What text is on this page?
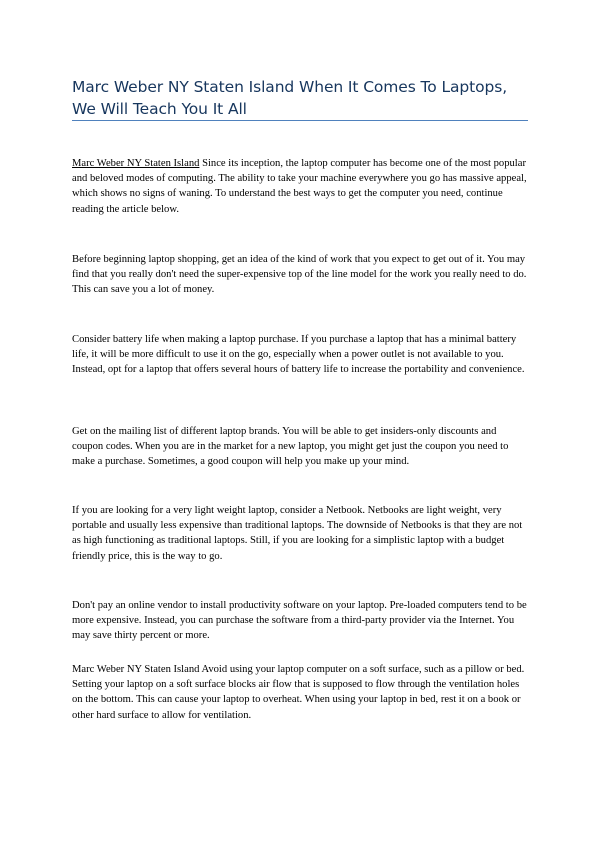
Marc Weber NY Staten Island When It Comes To Laptops, We Will Teach You It All

Marc Weber NY Staten Island Since its inception, the laptop computer has become one of the most popular and beloved modes of computing. The ability to take your machine everywhere you go has massive appeal, which shows no signs of waning. To understand the best ways to get the computer you need, continue reading the article below.

Before beginning laptop shopping, get an idea of the kind of work that you expect to get out of it. You may find that you really don't need the super-expensive top of the line model for the work you really need to do. This can save you a lot of money.

Consider battery life when making a laptop purchase. If you purchase a laptop that has a minimal battery life, it will be more difficult to use it on the go, especially when a power outlet is not available to you. Instead, opt for a laptop that offers several hours of battery life to increase the portability and convenience.

Get on the mailing list of different laptop brands. You will be able to get insiders-only discounts and coupon codes. When you are in the market for a new laptop, you might get just the coupon you need to make a purchase. Sometimes, a good coupon will help you make up your mind.

If you are looking for a very light weight laptop, consider a Netbook. Netbooks are light weight, very portable and usually less expensive than traditional laptops. The downside of Netbooks is that they are not as high functioning as traditional laptops. Still, if you are looking for a simplistic laptop with a budget friendly price, this is the way to go.

Don't pay an online vendor to install productivity software on your laptop. Pre-loaded computers tend to be more expensive. Instead, you can purchase the software from a third-party provider via the Internet. You may save thirty percent or more.

Marc Weber NY Staten Island Avoid using your laptop computer on a soft surface, such as a pillow or bed. Setting your laptop on a soft surface blocks air flow that is supposed to flow through the ventilation holes on the bottom. This can cause your laptop to overheat. When using your laptop in bed, rest it on a book or other hard surface to allow for ventilation.
